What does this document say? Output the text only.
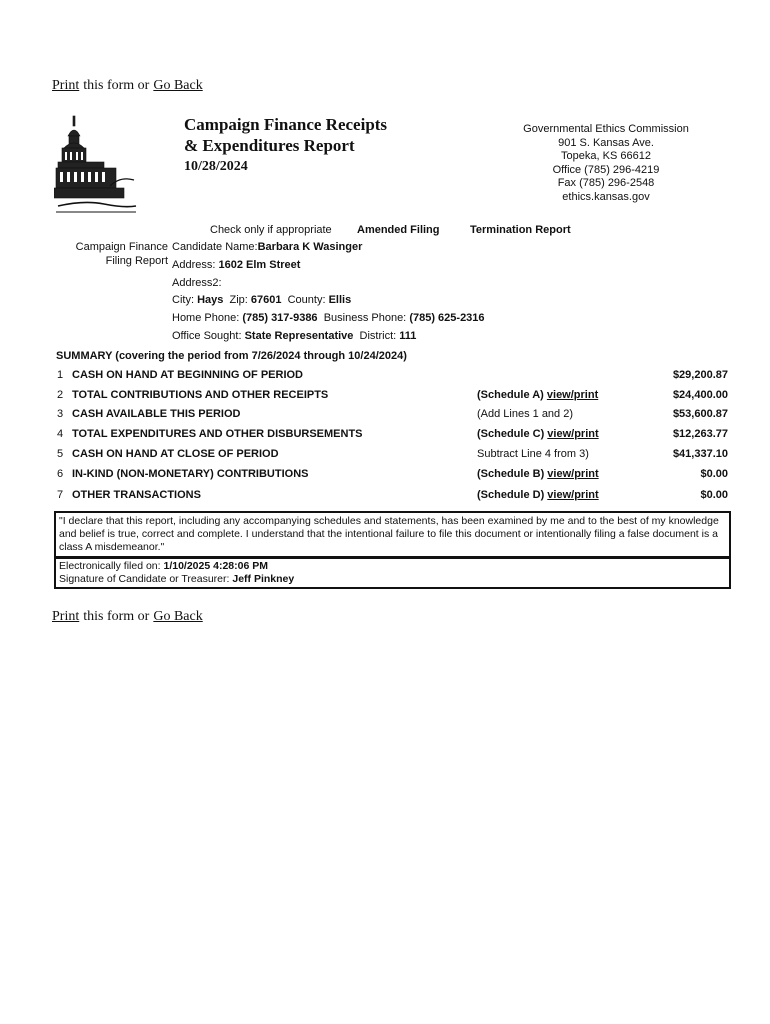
Print this form or Go Back
Campaign Finance Receipts
& Expenditures Report
10/28/2024
Governmental Ethics Commission
901 S. Kansas Ave.
Topeka, KS 66612
Office (785) 296-4219
Fax (785) 296-2548
ethics.kansas.gov
Check only if appropriate Amended Filing	Termination Report
Campaign Finance
Filing Report
Candidate Name:Barbara K Wasinger
Address: 1602 Elm Street
Address2:
City: Hays Zip: 67601 County: Ellis
Home Phone: (785) 317-9386 Business Phone: (785) 625-2316
Office Sought: State Representative District: 111
SUMMARY (covering the period from 7/26/2024 through 10/24/2024)
1 CASH ON HAND AT BEGINNING OF PERIOD	$29,200.87
2 TOTAL CONTRIBUTIONS AND OTHER RECEIPTS	(Schedule A) view/print	$24,400.00
3 CASH AVAILABLE THIS PERIOD	(Add Lines 1 and 2)	$53,600.87
4 TOTAL EXPENDITURES AND OTHER DISBURSEMENTS	(Schedule C) view/print	$12,263.77
5 CASH ON HAND AT CLOSE OF PERIOD	Subtract Line 4 from 3)	$41,337.10
6 IN-KIND (NON-MONETARY) CONTRIBUTIONS	(Schedule B) view/print	$0.00
7 OTHER TRANSACTIONS	(Schedule D) view/print	$0.00
"I declare that this report, including any accompanying schedules and statements, has been examined by me and to the best of my knowledge and belief is true, correct and complete. I understand that the intentional failure to file this document or intentionally filing a false document is a class A misdemeanor."
Electronically filed on: 1/10/2025 4:28:06 PM
Signature of Candidate or Treasurer: Jeff Pinkney
Print this form or Go Back
